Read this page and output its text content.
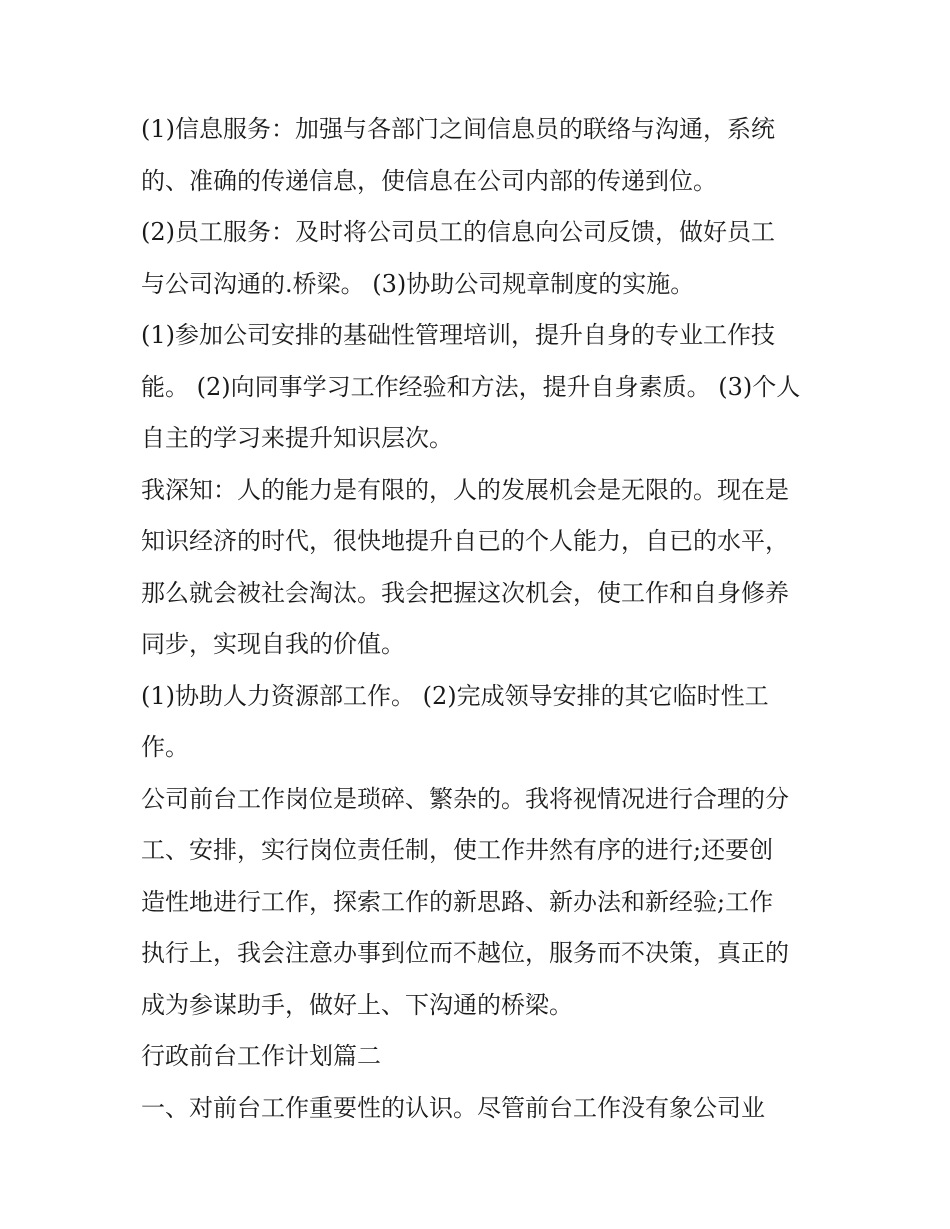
(1)信息服务：加强与各部门之间信息员的联络与沟通，系统
的、准确的传递信息，使信息在公司内部的传递到位。

(2)员工服务：及时将公司员工的信息向公司反馈，做好员工
与公司沟通的.桥梁。 (3)协助公司规章制度的实施。

(1)参加公司安排的基础性管理培训，提升自身的专业工作技
能。 (2)向同事学习工作经验和方法，提升自身素质。 (3)个人
自主的学习来提升知识层次。

我深知：人的能力是有限的，人的发展机会是无限的。现在是
知识经济的时代，很快地提升自已的个人能力，自已的水平，
那么就会被社会淘汰。我会把握这次机会，使工作和自身修养
同步，实现自我的价值。

(1)协助人力资源部工作。 (2)完成领导安排的其它临时性工
作。

公司前台工作岗位是琐碎、繁杂的。我将视情况进行合理的分
工、安排，实行岗位责任制，使工作井然有序的进行;还要创
造性地进行工作，探索工作的新思路、新办法和新经验;工作
执行上，我会注意办事到位而不越位，服务而不决策，真正的
成为参谋助手，做好上、下沟通的桥梁。

行政前台工作计划篇二

一、对前台工作重要性的认识。尽管前台工作没有象公司业
